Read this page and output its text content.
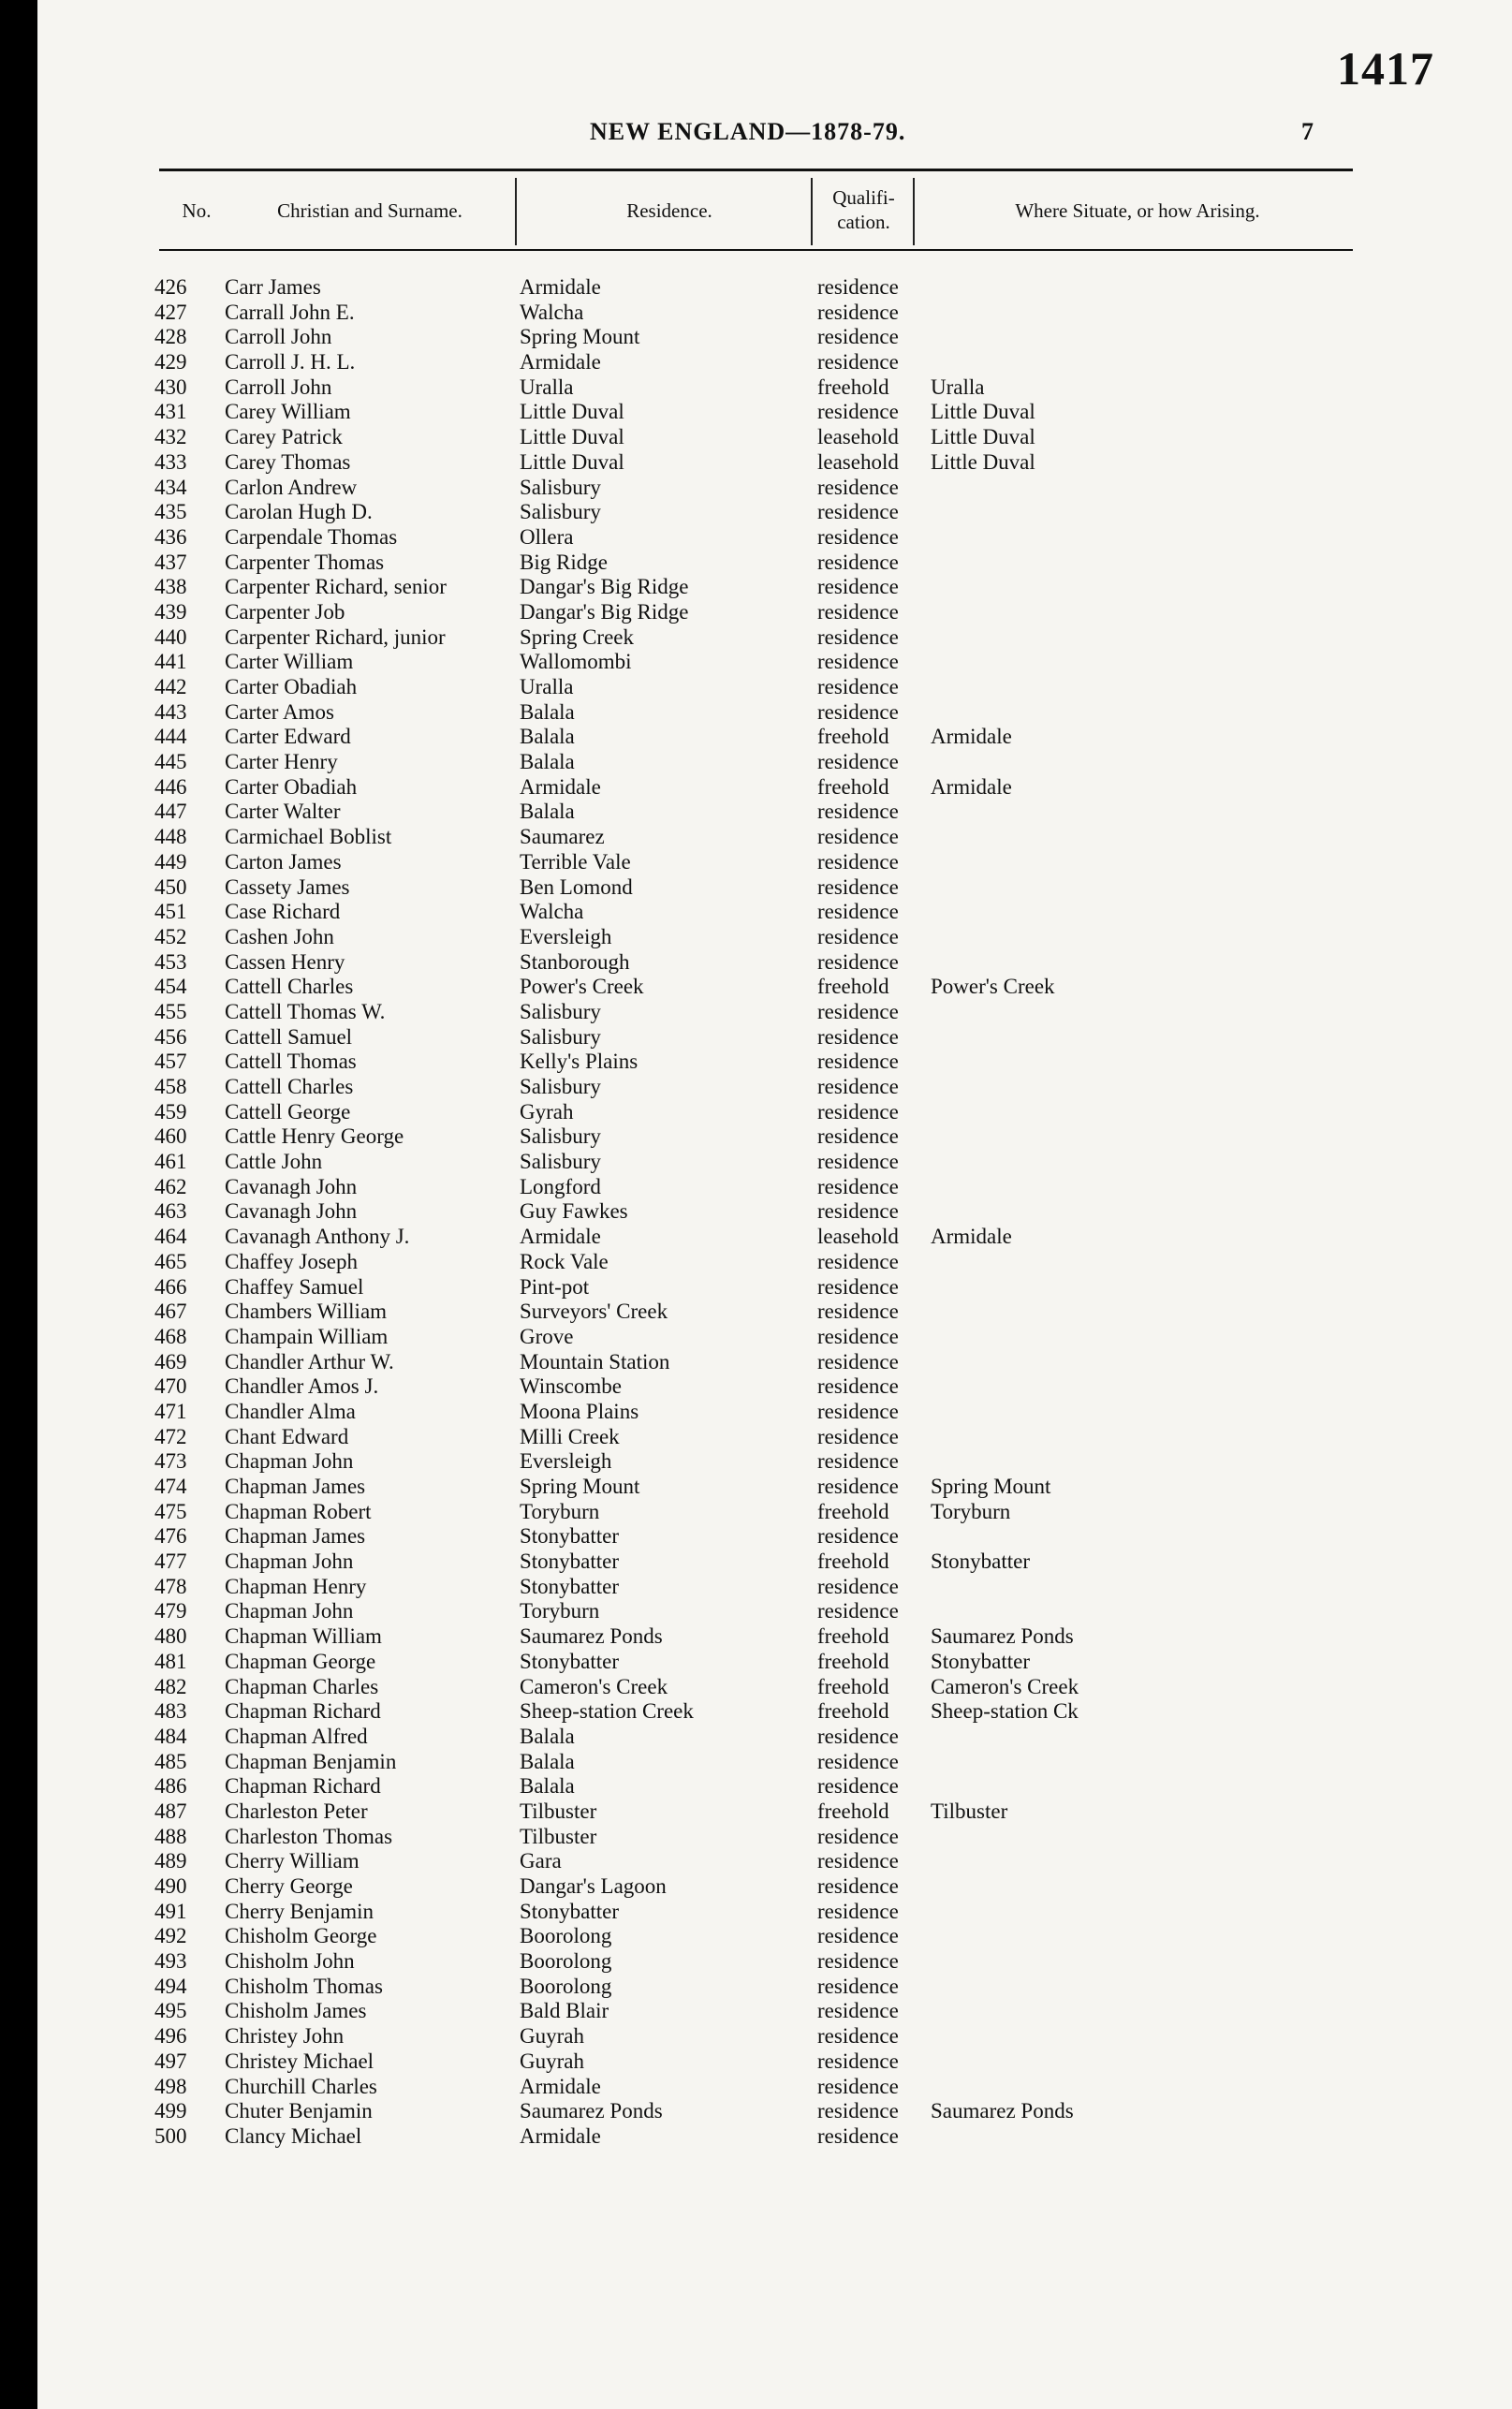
1417
NEW ENGLAND—1878-79.	7
No.	Christian and Surname.	Residence.
Qualifi-
cation.	Where Situate, or how Arising.
426	Carr James	Armidale	residence
427	Carrall John E.	Walcha	residence
428	Carroll John	Spring Mount	residence
429	Carroll J. H. L.	Armidale	residence
430	Carroll John	Uralla	freehold Uralla
431	Carey William	Little Duval	residence Little Duval
432	Carey Patrick	Little Duval	leasehold Little Duval
433	Carey Thomas	Little Duval	leasehold Little Duval
434	Carlon Andrew	Salisbury	residence
435	Carolan Hugh D.	Salisbury	residence
436	Carpendale Thomas	Ollera	residence
437	Carpenter Thomas	Big Ridge	residence
438	Carpenter Richard, senior	Dangar's Big Ridge	residence
439	Carpenter Job	Dangar's Big Ridge	residence
440	Carpenter Richard, junior	Spring Creek	residence
441	Carter William	Wallomombi	residence
442	Carter Obadiah	Uralla	residence
443	Carter Amos	Balala	residence
444	Carter Edward	Balala	freehold Armidale
445	Carter Henry	Balala	residence
446	Carter Obadiah	Armidale	freehold Armidale
447	Carter Walter	Balala	residence
448	Carmichael Boblist	Saumarez	residence
449	Carton James	Terrible Vale	residence
450	Cassety James	Ben Lomond	residence
451	Case Richard	Walcha	residence
452	Cashen John	Eversleigh	residence
453	Cassen Henry	Stanborough	residence
454	Cattell Charles	Power's Creek	freehold Power's Creek
455	Cattell Thomas W.	Salisbury	residence
456	Cattell Samuel	Salisbury	residence
457	Cattell Thomas	Kelly's Plains	residence
458	Cattell Charles	Salisbury	residence
459	Cattell George	Gyrah	residence
460	Cattle Henry George	Salisbury	residence
461	Cattle John	Salisbury	residence
462	Cavanagh John	Longford	residence
463	Cavanagh John	Guy Fawkes	residence
464	Cavanagh Anthony J.	Armidale	leasehold Armidale
465	Chaffey Joseph	Rock Vale	residence
466	Chaffey Samuel	Pint-pot	residence
467	Chambers William	Surveyors' Creek	residence
468	Champain William	Grove	residence
469	Chandler Arthur W.	Mountain Station	residence
470	Chandler Amos J.	Winscombe	residence
471	Chandler Alma	Moona Plains	residence
472	Chant Edward	Milli Creek	residence
473	Chapman John	Eversleigh	residence
474	Chapman James	Spring Mount	residence Spring Mount
475	Chapman Robert	Toryburn	freehold Toryburn
476	Chapman James	Stonybatter	residence
477	Chapman John	Stonybatter	freehold Stonybatter
478	Chapman Henry	Stonybatter	residence
479	Chapman John	Toryburn	residence
480	Chapman William	Saumarez Ponds	freehold Saumarez Ponds
481	Chapman George	Stonybatter	freehold Stonybatter
482	Chapman Charles	Cameron's Creek	freehold Cameron's Creek
483	Chapman Richard	Sheep-station Creek	freehold Sheep-station Ck
484	Chapman Alfred	Balala	residence
485	Chapman Benjamin	Balala	residence
486	Chapman Richard	Balala	residence
487	Charleston Peter	Tilbuster	freehold Tilbuster
488	Charleston Thomas	Tilbuster	residence
489	Cherry William	Gara	residence
490	Cherry George	Dangar's Lagoon	residence
491	Cherry Benjamin	Stonybatter	residence
492	Chisholm George	Boorolong	residence
493	Chisholm John	Boorolong	residence
494	Chisholm Thomas	Boorolong	residence
495	Chisholm James	Bald Blair	residence
496	Christey John	Guyrah	residence
497	Christey Michael	Guyrah	residence
498	Churchill Charles	Armidale	residence
499	Chuter Benjamin	Saumarez Ponds	residence Saumarez Ponds
500	Clancy Michael	Armidale	residence
